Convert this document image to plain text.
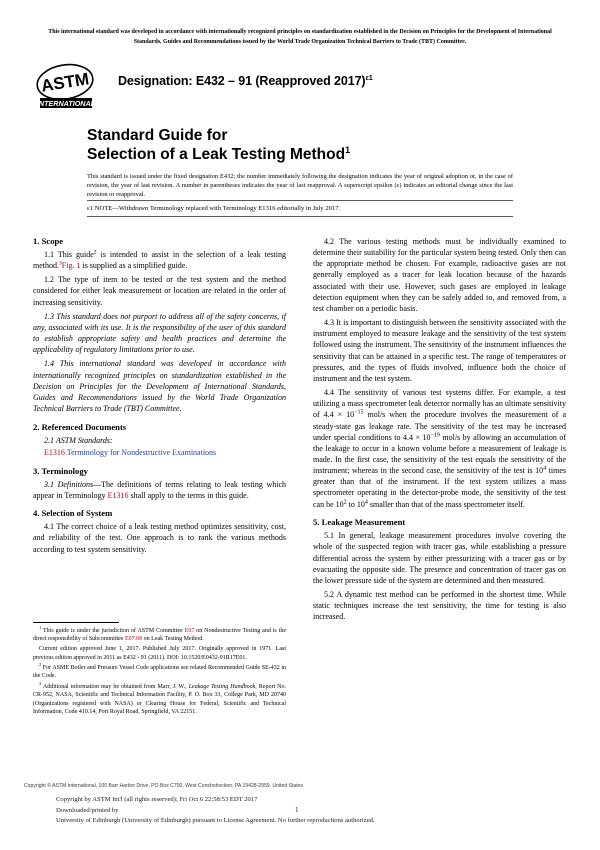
This international standard was developed in accordance with internationally recognized principles on standardization established in the Decision on Principles for the Development of International Standards, Guides and Recommendations issued by the World Trade Organization Technical Barriers to Trade (TBT) Committee.
ASTM
INTERNATIONAL
Designation: E432 – 91 (Reapproved 2017)$^{\varepsilon 1}$
Standard Guide for
Selection of a Leak Testing Method$^1$
This standard is issued under the fixed designation E432; the number immediately following the designation indicates the year of original adoption or, in the case of revision, the year of last revision. A number in parentheses indicates the year of last reapproval. A superscript epsilon (ε) indicates an editorial change since the last revision or reapproval.
ε1 NOTE—Withdrawn Terminology replaced with Terminology E1316 editorially in July 2017.
1. Scope

1.1 This guide$^2$ is intended to assist in the selection of a leak testing method.$^3$Fig. 1 is supplied as a simplified guide.

1.2 The type of item to be tested or the test system and the method considered for either leak measurement or location are related in the order of increasing sensitivity.

1.3 This standard does not purport to address all of the safety concerns, if any, associated with its use. It is the responsibility of the user of this standard to establish appropriate safety and health practices and determine the applicability of regulatory limitations prior to use.

1.4 This international standard was developed in accordance with internationally recognized principles on standardization established in the Decision on Principles for the Development of International Standards, Guides and Recommendations issued by the World Trade Organization Technical Barriers to Trade (TBT) Committee.

2. Referenced Documents

2.1 ASTM Standards:

E1316 Terminology for Nondestructive Examinations

3. Terminology

3.1 Definitions—The definitions of terms relating to leak testing which appear in Terminology E1316 shall apply to the terms in this guide.

4. Selection of System

4.1 The correct choice of a leak testing method optimizes sensitivity, cost, and reliability of the test. One approach is to rank the various methods according to test system sensitivity.

$^1$ This guide is under the jurisdiction of ASTM Committee E07 on Nondestructive Testing and is the direct responsibility of Subcommittee E07.08 on Leak Testing Method.

Current edition approved June 1, 2017. Published July 2017. Originally approved in 1971. Last previous edition approved in 2011 as E432 - 91 (2011). DOI: 10.1520/E0432-91R17E01.

$^2$ For ASME Boiler and Pressure Vessel Code applications see related Recommended Guide SE-432 in the Code.

$^3$ Additional information may be obtained from Marr, J. W., Leakage Testing Handbook, Report No. CR-952, NASA, Scientific and Technical Information Facility, P. O. Box 33, College Park, MD 20740 (Organizations registered with NASA) or Clearing House for Federal, Scientific and Technical Information, Code 410.14, Port Royal Road, Springfield, VA 22151.

4.2 The various testing methods must be individually examined to determine their suitability for the particular system being tested. Only then can the appropriate method be chosen. For example, radioactive gases are not generally employed as a tracer for leak location because of the hazards associated with their use. However, such gases are employed in leakage detection equipment when they can be safely added to, and removed from, a test chamber on a periodic basis.

4.3 It is important to distinguish between the sensitivity associated with the instrument employed to measure leakage and the sensitivity of the test system followed using the instrument. The sensitivity of the instrument influences the sensitivity that can be attained in a specific test. The range of temperatures or pressures, and the types of fluids involved, influence both the choice of instrument and the test system.

4.4 The sensitivity of various test systems differ. For example, a test utilizing a mass spectrometer leak detector normally has an ultimate sensitivity of $4.4 \times 10^{-15}$ mol/s when the procedure involves the measurement of a steady-state gas leakage rate. The sensitivity of the test may be increased under special conditions to $4.4 \times 10^{-19}$ mol/s by allowing an accumulation of the leakage to occur in a known volume before a measurement of leakage is made. In the first case, the sensitivity of the test equals the sensitivity of the instrument; whereas in the second case, the sensitivity of the test is $10^4$ times greater than that of the instrument. If the test system utilizes a mass spectrometer operating in the detector-probe mode, the sensitivity of the test can be $10^2$ to $10^4$ smaller than that of the mass spectrometer itself.

5. Leakage Measurement

5.1 In general, leakage measurement procedures involve covering the whole of the suspected region with tracer gas, while establishing a pressure differential across the system by either pressurizing with a tracer gas or by evacuating the opposite side. The presence and concentration of tracer gas on the lower pressure side of the system are determined and then measured.

5.2 A dynamic test method can be performed in the shortest time. While static techniques increase the test sensitivity, the time for testing is also increased.

Copyright © ASTM International, 100 Barr Harbor Drive, PO Box C700, West Conshohocken, PA 19428-2959, United States
Copyright by ASTM Int'l (all rights reserved); Fri Oct 6 22:58:53 EDT 2017
Downloaded/printed by
University of Edinburgh (University of Edinburgh) pursuant to License Agreement. No further reproductions authorized.
1
